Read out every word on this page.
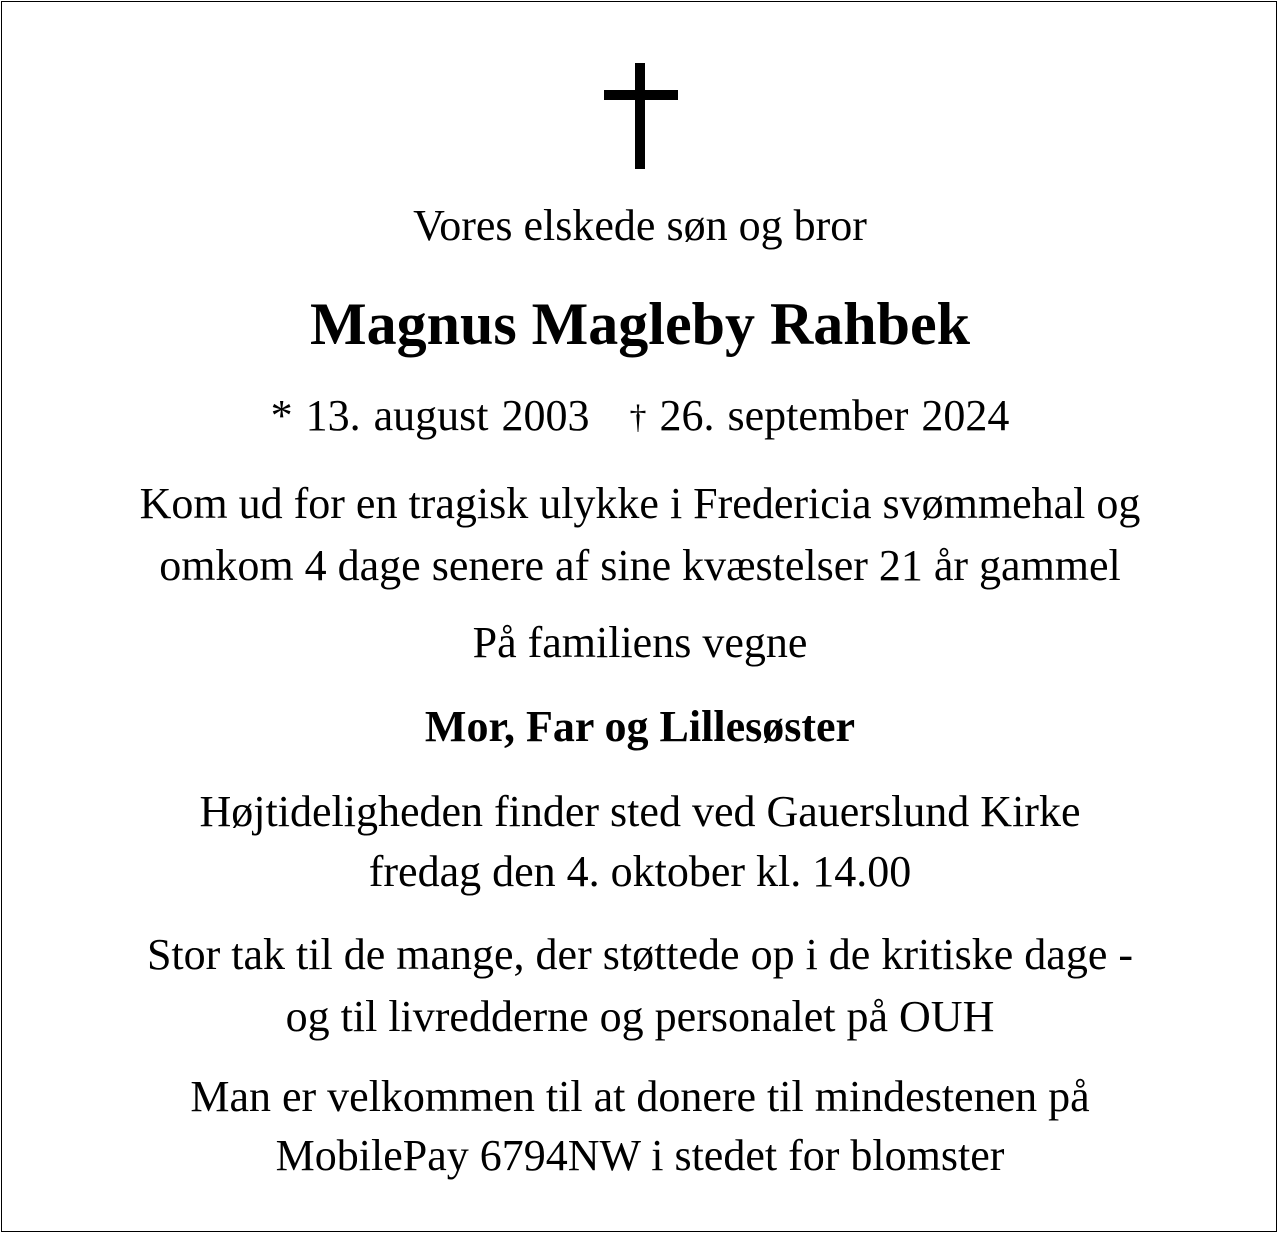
Vores elskede søn og bror
Magnus Magleby Rahbek
* 13. august 2003 † 26. september 2024
Kom ud for en tragisk ulykke i Fredericia svømmehal og
omkom 4 dage senere af sine kvæstelser 21 år gammel
På familiens vegne
Mor, Far og Lillesøster
Højtideligheden finder sted ved Gauerslund Kirke
fredag den 4. oktober kl. 14.00
Stor tak til de mange, der støttede op i de kritiske dage -
og til livredderne og personalet på OUH
Man er velkommen til at donere til mindestenen på
MobilePay 6794NW i stedet for blomster
